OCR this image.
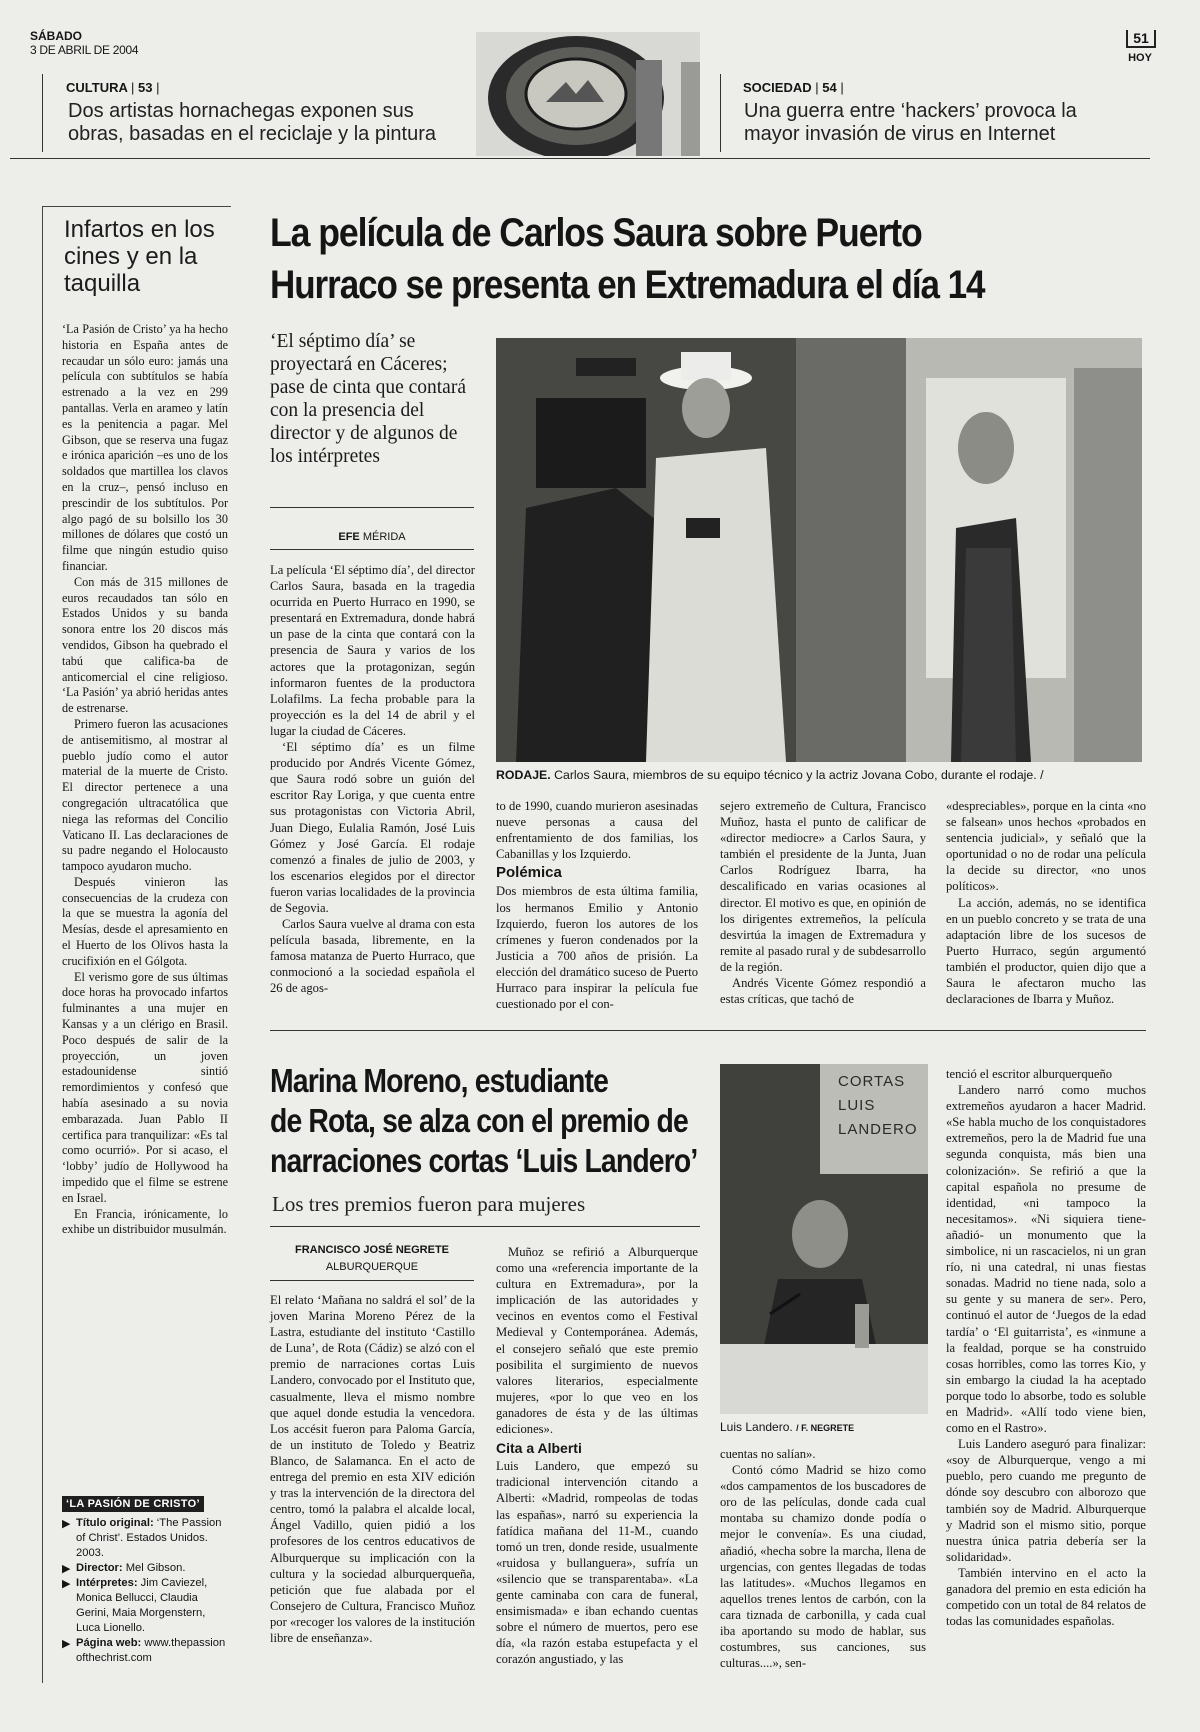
SÁBADO
3 DE ABRIL DE 2004
51
HOY
CULTURA | 53 |
Dos artistas hornachegas exponen sus obras, basadas en el reciclaje y la pintura
SOCIEDAD | 54 |
Una guerra entre ‘hackers’ provoca la mayor invasión de virus en Internet
Infartos en los cines y en la taquilla

‘La Pasión de Cristo’ ya ha hecho historia en España antes de recaudar un sólo euro: jamás una película con subtítulos se había estrenado a la vez en 299 pantallas. Verla en arameo y latín es la penitencia a pagar. Mel Gibson, que se reserva una fugaz e irónica aparición –es uno de los soldados que martillea los clavos en la cruz–, pensó incluso en prescindir de los subtítulos. Por algo pagó de su bolsillo los 30 millones de dólares que costó un filme que ningún estudio quiso financiar.

Con más de 315 millones de euros recaudados tan sólo en Estados Unidos y su banda sonora entre los 20 discos más vendidos, Gibson ha quebrado el tabú que califica-ba de anticomercial el cine religioso. ‘La Pasión’ ya abrió heridas antes de estrenarse.

Primero fueron las acusaciones de antisemitismo, al mostrar al pueblo judío como el autor material de la muerte de Cristo. El director pertenece a una congregación ultracatólica que niega las reformas del Concilio Vaticano II. Las declaraciones de su padre negando el Holocausto tampoco ayudaron mucho.

Después vinieron las consecuencias de la crudeza con la que se muestra la agonía del Mesías, desde el apresamiento en el Huerto de los Olivos hasta la crucifixión en el Gólgota.

El verismo gore de sus últimas doce horas ha provocado infartos fulminantes a una mujer en Kansas y a un clérigo en Brasil. Poco después de salir de la proyección, un joven estadounidense sintió remordimientos y confesó que había asesinado a su novia embarazada. Juan Pablo II certifica para tranquilizar: «Es tal como ocurrió». Por si acaso, el ‘lobby’ judío de Hollywood ha impedido que el filme se estrene en Israel.

En Francia, irónicamente, lo exhibe un distribuidor musulmán.

‘LA PASIÓN DE CRISTO’
▶ Título original: ‘The Passion of Christ’. Estados Unidos. 2003.
▶ Director: Mel Gibson.
▶ Intérpretes: Jim Caviezel, Monica Bellucci, Claudia Gerini, Maia Morgenstern, Luca Lionello.
▶ Página web: www.thepassionofthechrist.com
La película de Carlos Saura sobre Puerto
Hurraco se presenta en Extremadura el día 14
‘El séptimo día’ se proyectará en Cáceres; pase de cinta que contará con la presencia del director y de algunos de los intérpretes
EFE MÉRIDA
RODAJE. Carlos Saura, miembros de su equipo técnico y la actriz Jovana Cobo, durante el rodaje. /

La película ‘El séptimo día’, del director Carlos Saura, basada en la tragedia ocurrida en Puerto Hurraco en 1990, se presentará en Extremadura, donde habrá un pase de la cinta que contará con la presencia de Saura y varios de los actores que la protagonizan, según informaron fuentes de la productora Lolafilms. La fecha probable para la proyección es la del 14 de abril y el lugar la ciudad de Cáceres.

‘El séptimo día’ es un filme producido por Andrés Vicente Gómez, que Saura rodó sobre un guión del escritor Ray Loriga, y que cuenta entre sus protagonistas con Victoria Abril, Juan Diego, Eulalia Ramón, José Luis Gómez y José García. El rodaje comenzó a finales de julio de 2003, y los escenarios elegidos por el director fueron varias localidades de la provincia de Segovia.

Carlos Saura vuelve al drama con esta película basada, libremente, en la famosa matanza de Puerto Hurraco, que conmocionó a la sociedad española el 26 de agos-

to de 1990, cuando murieron asesinadas nueve personas a causa del enfrentamiento de dos familias, los Cabanillas y los Izquierdo.

Polémica

Dos miembros de esta última familia, los hermanos Emilio y Antonio Izquierdo, fueron los autores de los crímenes y fueron condenados por la Justicia a 700 años de prisión. La elección del dramático suceso de Puerto Hurraco para inspirar la película fue cuestionado por el con-

sejero extremeño de Cultura, Francisco Muñoz, hasta el punto de calificar de «director mediocre» a Carlos Saura, y también el presidente de la Junta, Juan Carlos Rodríguez Ibarra, ha descalificado en varias ocasiones al director. El motivo es que, en opinión de los dirigentes extremeños, la película desvirtúa la imagen de Extremadura y remite al pasado rural y de subdesarrollo de la región.

Andrés Vicente Gómez respondió a estas críticas, que tachó de

«despreciables», porque en la cinta «no se falsean» unos hechos «probados en sentencia judicial», y señaló que la oportunidad o no de rodar una película la decide su director, «no unos políticos».

La acción, además, no se identifica en un pueblo concreto y se trata de una adaptación libre de los sucesos de Puerto Hurraco, según argumentó también el productor, quien dijo que a Saura le afectaron mucho las declaraciones de Ibarra y Muñoz.

Marina Moreno, estudiante
de Rota, se alza con el premio de
narraciones cortas ‘Luis Landero’
Los tres premios fueron para mujeres
FRANCISCO JOSÉ NEGRETE
ALBURQUERQUE
CORTAS LUIS LANDERO
Luis Landero. / F. NEGRETE

El relato ‘Mañana no saldrá el sol’ de la joven Marina Moreno Pérez de la Lastra, estudiante del instituto ‘Castillo de Luna’, de Rota (Cádiz) se alzó con el premio de narraciones cortas Luis Landero, convocado por el Instituto que, casualmente, lleva el mismo nombre que aquel donde estudia la vencedora. Los accésit fueron para Paloma García, de un instituto de Toledo y Beatriz Blanco, de Salamanca. En el acto de entrega del premio en esta XIV edición y tras la intervención de la directora del centro, tomó la palabra el alcalde local, Ángel Vadillo, quien pidió a los profesores de los centros educativos de Alburquerque su implicación con la cultura y la sociedad alburquerqueña, petición que fue alabada por el Consejero de Cultura, Francisco Muñoz por «recoger los valores de la institución libre de enseñanza».

Muñoz se refirió a Alburquerque como una «referencia importante de la cultura en Extremadura», por la implicación de las autoridades y vecinos en eventos como el Festival Medieval y Contemporánea. Además, el consejero señaló que este premio posibilita el surgimiento de nuevos valores literarios, especialmente mujeres, «por lo que veo en los ganadores de ésta y de las últimas ediciones».

Cita a Alberti

Luis Landero, que empezó su tradicional intervención citando a Alberti: «Madrid, rompeolas de todas las españas», narró su experiencia la fatídica mañana del 11-M., cuando tomó un tren, donde reside, usualmente «ruidosa y bullanguera», sufría un «silencio que se transparentaba». «La gente caminaba con cara de funeral, ensimismada» e iban echando cuentas sobre el número de muertos, pero ese día, «la razón estaba estupefacta y el corazón angustiado, y las

cuentas no salían».

Contó cómo Madrid se hizo como «dos campamentos de los buscadores de oro de las películas, donde cada cual montaba su chamizo donde podía o mejor le convenía». Es una ciudad, añadió, «hecha sobre la marcha, llena de urgencias, con gentes llegadas de todas las latitudes». «Muchos llegamos en aquellos trenes lentos de carbón, con la cara tiznada de carbonilla, y cada cual iba aportando su modo de hablar, sus costumbres, sus canciones, sus culturas....», sen-

tenció el escritor alburquerqueño

Landero narró como muchos extremeños ayudaron a hacer Madrid. «Se habla mucho de los conquistadores extremeños, pero la de Madrid fue una segunda conquista, más bien una colonización». Se refirió a que la capital española no presume de identidad, «ni tampoco la necesitamos». «Ni siquiera tiene- añadió- un monumento que la simbolice, ni un rascacielos, ni un gran río, ni una catedral, ni unas fiestas sonadas. Madrid no tiene nada, solo a su gente y su manera de ser». Pero, continuó el autor de ‘Juegos de la edad tardía’ o ‘El guitarrista’, es «inmune a la fealdad, porque se ha construido cosas horribles, como las torres Kio, y sin embargo la ciudad la ha aceptado porque todo lo absorbe, todo es soluble en Madrid». «Allí todo viene bien, como en el Rastro».

Luis Landero aseguró para finalizar: «soy de Alburquerque, vengo a mi pueblo, pero cuando me pregunto de dónde soy descubro con alborozo que también soy de Madrid. Alburquerque y Madrid son el mismo sitio, porque nuestra única patria debería ser la solidaridad».

También intervino en el acto la ganadora del premio en esta edición ha competido con un total de 84 relatos de todas las comunidades españolas.
